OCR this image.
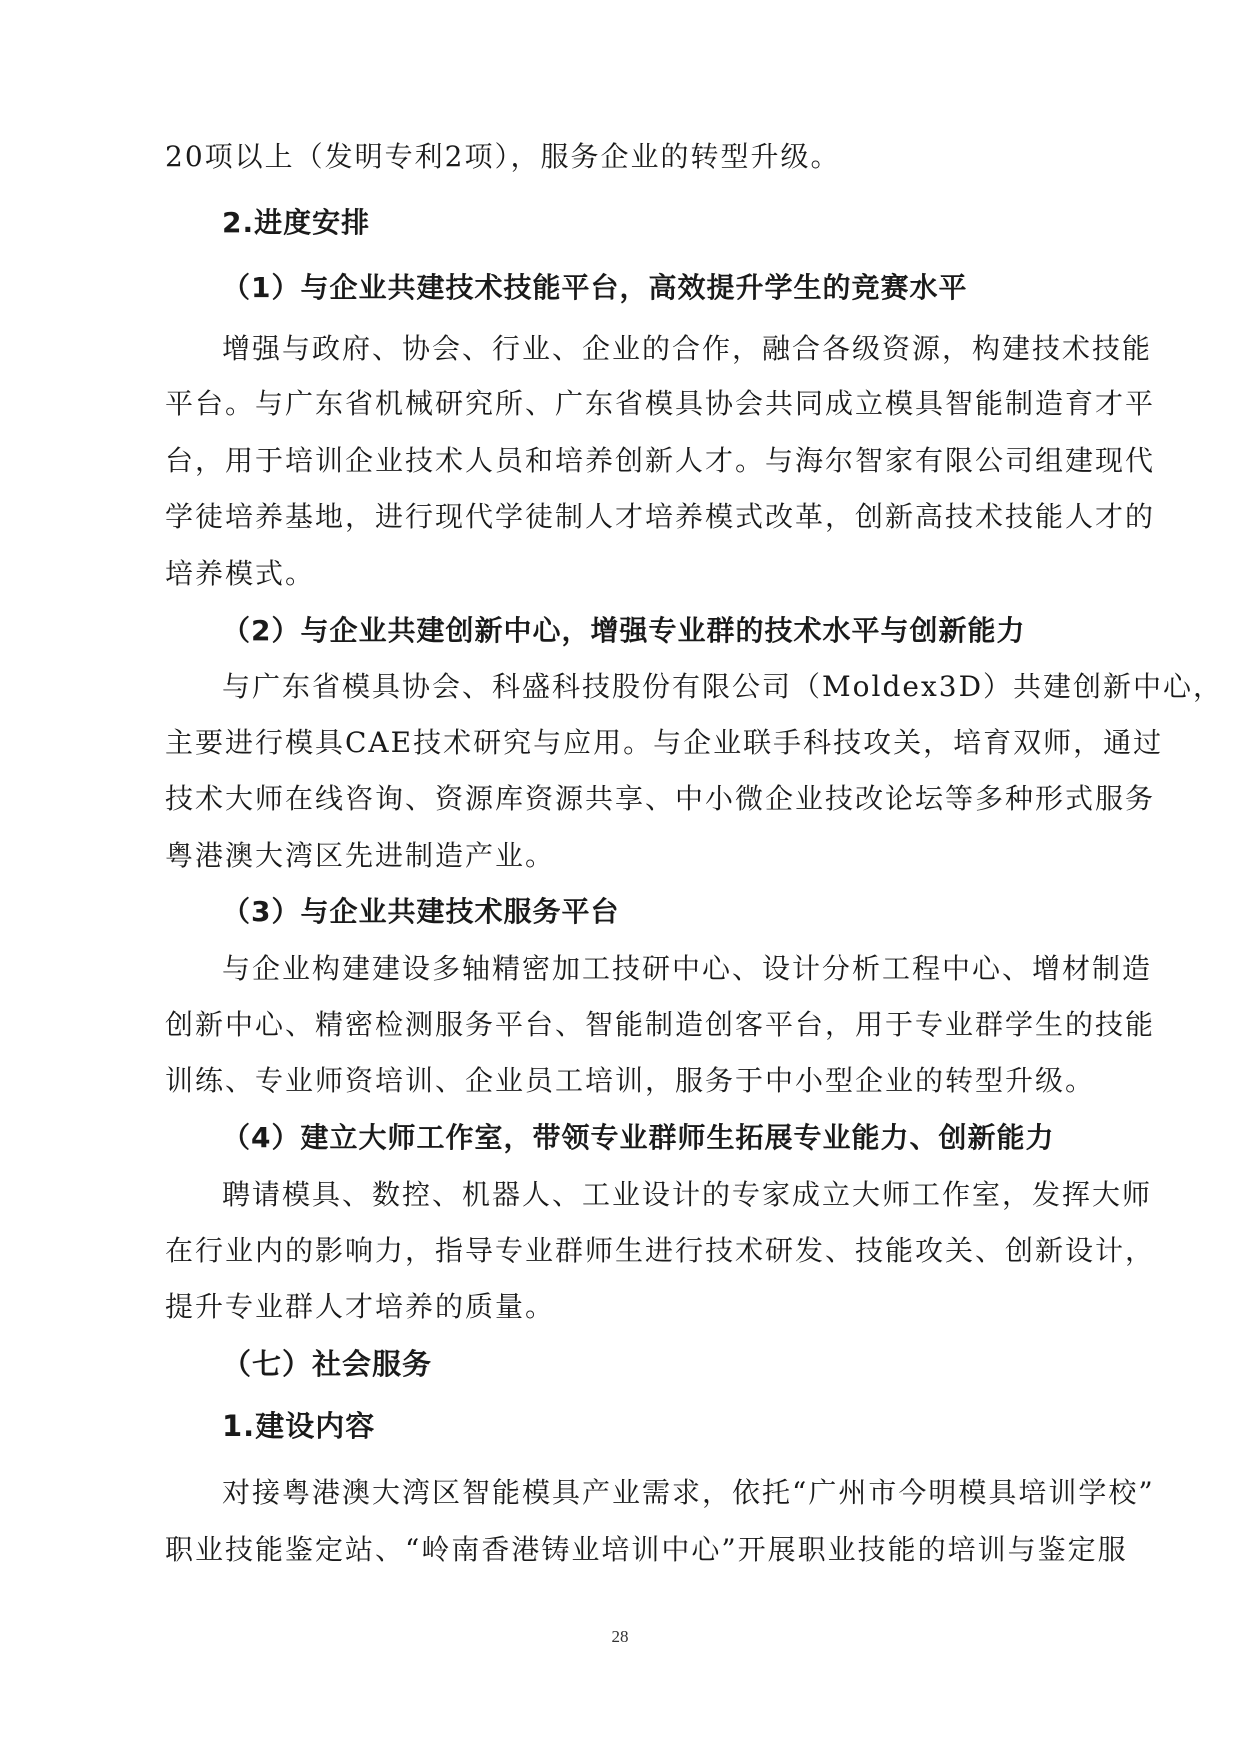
20项以上（发明专利2项），服务企业的转型升级。
2.进度安排
（1）与企业共建技术技能平台，高效提升学生的竞赛水平
增强与政府、协会、行业、企业的合作，融合各级资源，构建技术技能
平台。与广东省机械研究所、广东省模具协会共同成立模具智能制造育才平
台，用于培训企业技术人员和培养创新人才。与海尔智家有限公司组建现代
学徒培养基地，进行现代学徒制人才培养模式改革，创新高技术技能人才的
培养模式。
（2）与企业共建创新中心，增强专业群的技术水平与创新能力
与广东省模具协会、科盛科技股份有限公司（Moldex3D）共建创新中心，
主要进行模具CAE技术研究与应用。与企业联手科技攻关，培育双师，通过
技术大师在线咨询、资源库资源共享、中小微企业技改论坛等多种形式服务
粤港澳大湾区先进制造产业。
（3）与企业共建技术服务平台
与企业构建建设多轴精密加工技研中心、设计分析工程中心、增材制造
创新中心、精密检测服务平台、智能制造创客平台，用于专业群学生的技能
训练、专业师资培训、企业员工培训，服务于中小型企业的转型升级。
（4）建立大师工作室，带领专业群师生拓展专业能力、创新能力
聘请模具、数控、机器人、工业设计的专家成立大师工作室，发挥大师
在行业内的影响力，指导专业群师生进行技术研发、技能攻关、创新设计，
提升专业群人才培养的质量。
（七）社会服务
1.建设内容
对接粤港澳大湾区智能模具产业需求，依托“广州市今明模具培训学校”
职业技能鉴定站、“岭南香港铸业培训中心”开展职业技能的培训与鉴定服
28
